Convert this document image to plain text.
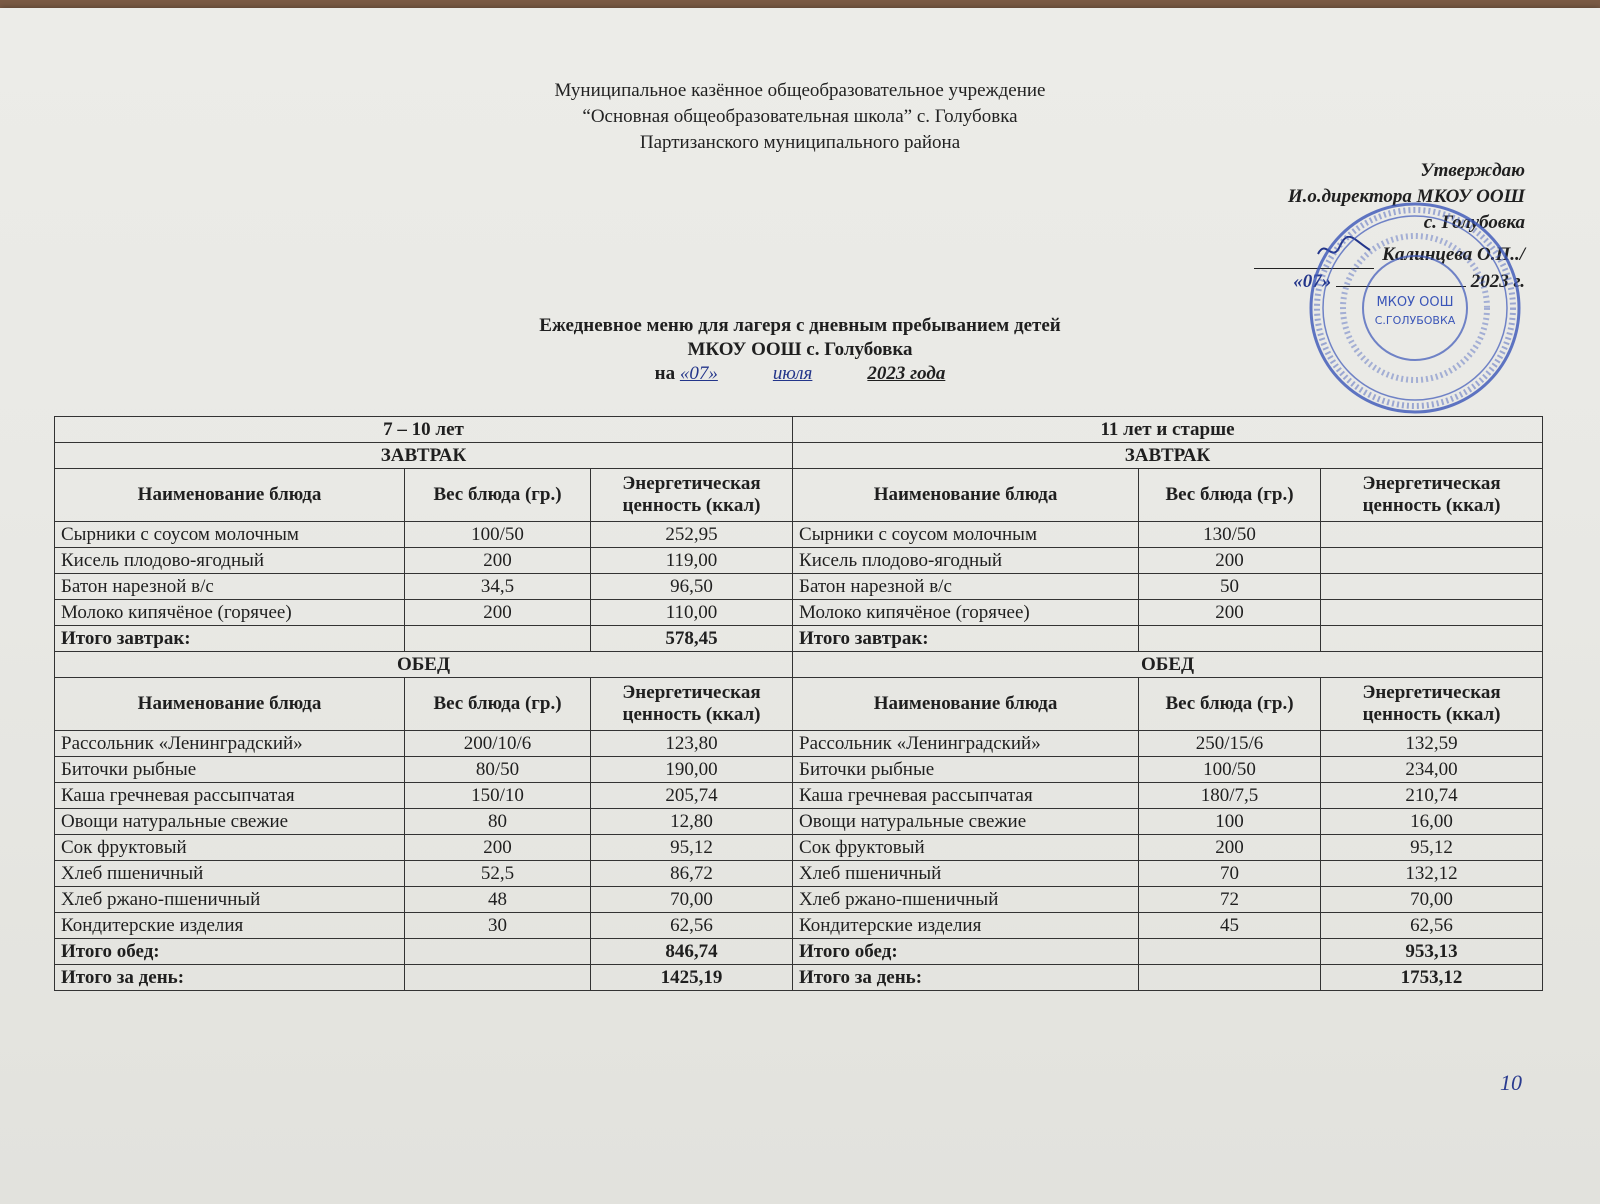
Муниципальное казённое общеобразовательное учреждение
“Основная общеобразовательная школа” с. Голубовка
Партизанского муниципального района
Утверждаю
И.о.директора МКОУ ООШ
с. Голубовка
Калинцева О.П../
«07»	2023 г.
МКОУ ООШ
С.ГОЛУБОВКА
Ежедневное меню для лагеря с дневным пребыванием детей
МКОУ ООШ с. Голубовка
на «07»	июля	2023 года
7 – 10 лет			11 лет и старше		
ЗАВТРАК			ЗАВТРАК		
Наименование блюда	Вес блюда (гр.)	Энергетическая ценность (ккал)	Наименование блюда	Вес блюда (гр.)	Энергетическая ценность (ккал)
Сырники с соусом молочным	100/50	252,95	Сырники с соусом молочным	130/50	
Кисель плодово-ягодный	200	119,00	Кисель плодово-ягодный	200	
Батон нарезной в/с	34,5	96,50	Батон нарезной в/с	50	
Молоко кипячёное (горячее)	200	110,00	Молоко кипячёное (горячее)	200	
Итого завтрак:		578,45	Итого завтрак:		
ОБЕД			ОБЕД		
Наименование блюда	Вес блюда (гр.)	Энергетическая ценность (ккал)	Наименование блюда	Вес блюда (гр.)	Энергетическая ценность (ккал)
Рассольник «Ленинградский»	200/10/6	123,80	Рассольник «Ленинградский»	250/15/6	132,59
Биточки рыбные	80/50	190,00	Биточки рыбные	100/50	234,00
Каша гречневая рассыпчатая	150/10	205,74	Каша гречневая рассыпчатая	180/7,5	210,74
Овощи натуральные свежие	80	12,80	Овощи натуральные свежие	100	16,00
Сок фруктовый	200	95,12	Сок фруктовый	200	95,12
Хлеб пшеничный	52,5	86,72	Хлеб пшеничный	70	132,12
Хлеб ржано-пшеничный	48	70,00	Хлеб ржано-пшеничный	72	70,00
Кондитерские изделия	30	62,56	Кондитерские изделия	45	62,56
Итого обед:		846,74	Итого обед:		953,13
Итого за день:		1425,19	Итого за день:		1753,12
10
